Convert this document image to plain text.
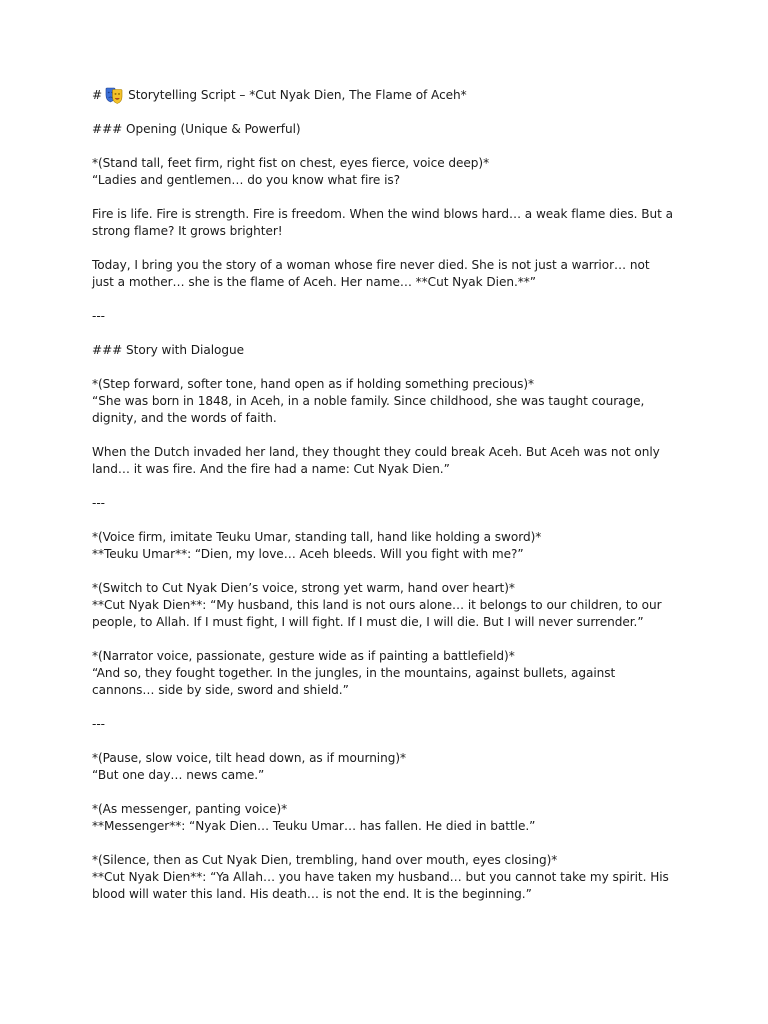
# Storytelling Script – *Cut Nyak Dien, The Flame of Aceh*
### Opening (Unique & Powerful)
*(Stand tall, feet firm, right fist on chest, eyes fierce, voice deep)*
“Ladies and gentlemen… do you know what fire is?
Fire is life. Fire is strength. Fire is freedom. When the wind blows hard… a weak flame dies. But a
strong flame? It grows brighter!
Today, I bring you the story of a woman whose fire never died. She is not just a warrior… not
just a mother… she is the flame of Aceh. Her name… **Cut Nyak Dien.**”
---
### Story with Dialogue
*(Step forward, softer tone, hand open as if holding something precious)*
“She was born in 1848, in Aceh, in a noble family. Since childhood, she was taught courage,
dignity, and the words of faith.
When the Dutch invaded her land, they thought they could break Aceh. But Aceh was not only
land… it was fire. And the fire had a name: Cut Nyak Dien.”
---
*(Voice firm, imitate Teuku Umar, standing tall, hand like holding a sword)*
**Teuku Umar**: “Dien, my love… Aceh bleeds. Will you fight with me?”
*(Switch to Cut Nyak Dien’s voice, strong yet warm, hand over heart)*
**Cut Nyak Dien**: “My husband, this land is not ours alone… it belongs to our children, to our
people, to Allah. If I must fight, I will fight. If I must die, I will die. But I will never surrender.”
*(Narrator voice, passionate, gesture wide as if painting a battlefield)*
“And so, they fought together. In the jungles, in the mountains, against bullets, against
cannons… side by side, sword and shield.”
---
*(Pause, slow voice, tilt head down, as if mourning)*
“But one day… news came.”
*(As messenger, panting voice)*
**Messenger**: “Nyak Dien… Teuku Umar… has fallen. He died in battle.”
*(Silence, then as Cut Nyak Dien, trembling, hand over mouth, eyes closing)*
**Cut Nyak Dien**: “Ya Allah… you have taken my husband… but you cannot take my spirit. His
blood will water this land. His death… is not the end. It is the beginning.”
